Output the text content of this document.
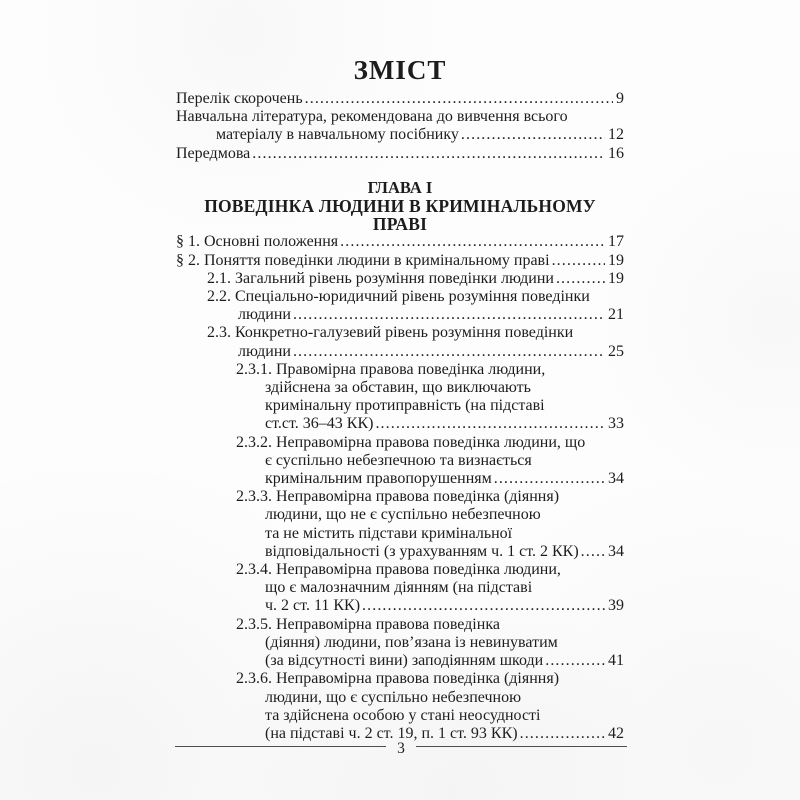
ЗМІСТ
Перелік скорочень .....	9
Навчальна література, рекомендована до вивчення всього
матеріалу в навчальному посібнику .....	12
Передмова .....	16
ГЛАВА I
ПОВЕДІНКА ЛЮДИНИ В КРИМІНАЛЬНОМУ ПРАВІ
§ 1. Основні положення .....	17
§ 2. Поняття поведінки людини в кримінальному праві .....	19
2.1. Загальний рівень розуміння поведінки людини .....	19
2.2. Спеціально-юридичний рівень розуміння поведінки
людини .....	21
2.3. Конкретно-галузевий рівень розуміння поведінки
людини .....	25
2.3.1. Правомірна правова поведінка людини,
здійснена за обставин, що виключають
кримінальну протиправність (на підставі
ст.ст. 36–43 КК) .....	33
2.3.2. Неправомірна правова поведінка людини, що
є суспільно небезпечною та визнається
кримінальним правопорушенням .....	34
2.3.3. Неправомірна правова поведінка (діяння)
людини, що не є суспільно небезпечною
та не містить підстави кримінальної
відповідальності (з урахуванням ч. 1 ст. 2 КК) ..... 34
2.3.4. Неправомірна правова поведінка людини,
що є малозначним діянням (на підставі
ч. 2 ст. 11 КК) .....	39
2.3.5. Неправомірна правова поведінка
(діяння) людини, пов’язана із невинуватим
(за відсутності вини) заподіянням шкоди .....	41
2.3.6. Неправомірна правова поведінка (діяння)
людини, що є суспільно небезпечною
та здійснена особою у стані неосудності
(на підставі ч. 2 ст. 19, п. 1 ст. 93 КК) .....	42
3
